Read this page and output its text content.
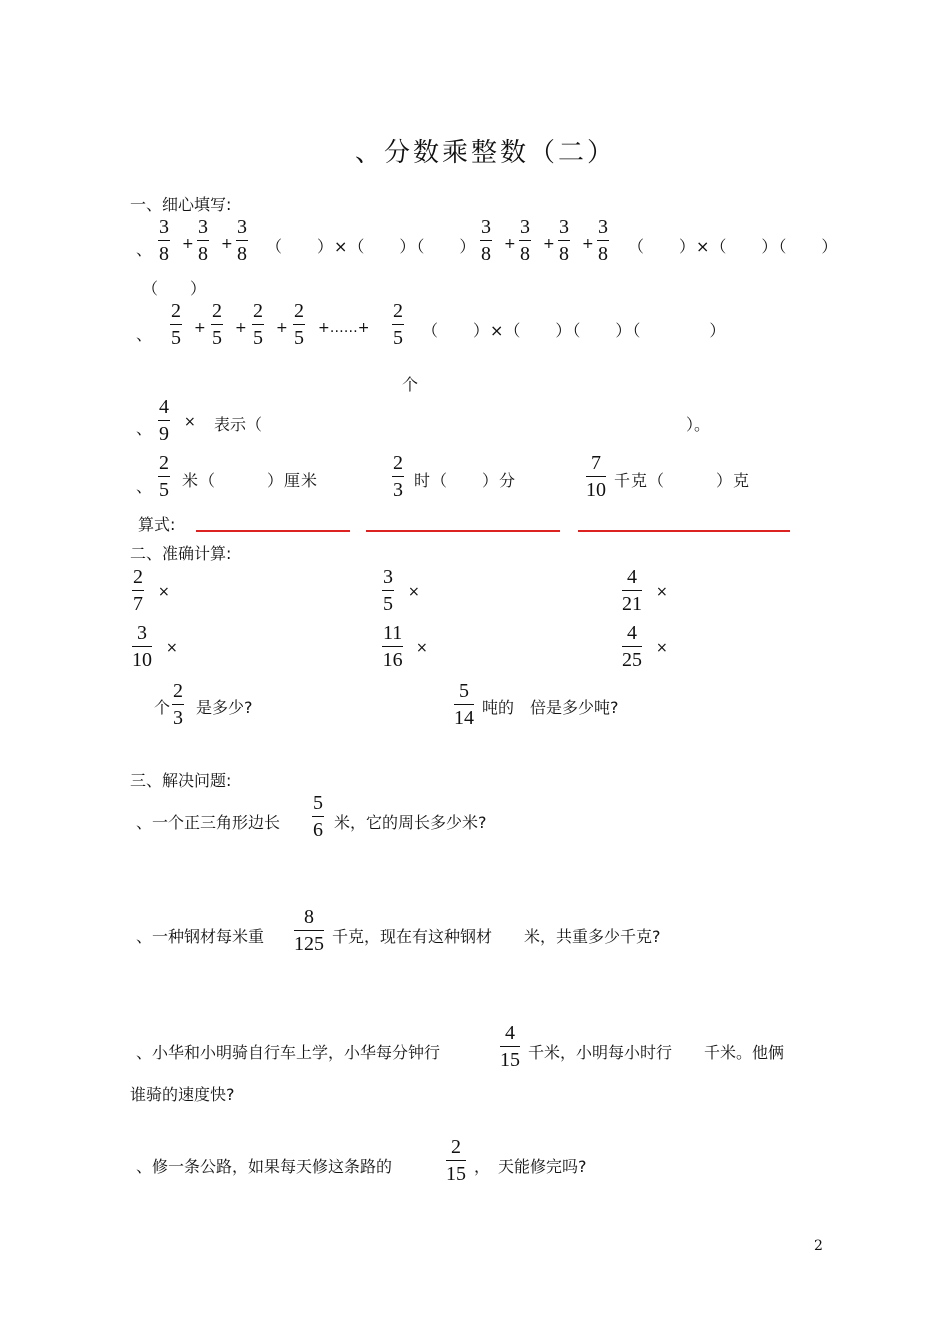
、分数乘整数（二）
一、细心填写:
、
3
8 +
3
8 +
3
8 （　　）×（　　）（　　）
3
8 +
3
8 +
3
8 +
3
8 （　　）×（　　）（　　）
（　　）
、
2
5 +
2
5 +
2
5 +
2
5 +……+
2
5 （　　）×（　　）（　　）（　　　　）
个
、
4
9
× 表示（	）。
、
2
5 米（　　　）厘米
2
3 时（　　）分
7
10 千克（　　　）克
算式:
二、准确计算:
2
7
×
3
5
×
4
21
×
3
10
×
11
16
×
4
25
×
个
2
3 是多少?
5
14 吨的　倍是多少吨?
三、解决问题:
、一个正三角形边长
5
6 米，它的周长多少米?
、一种钢材每米重
8
125 千克，现在有这种钢材　　米，共重多少千克?
、小华和小明骑自行车上学，小华每分钟行
4
15 千米，小明每小时行　　千米。他俩
谁骑的速度快?
、修一条公路，如果每天修这条路的
2
15 ，　天能修完吗?
2
